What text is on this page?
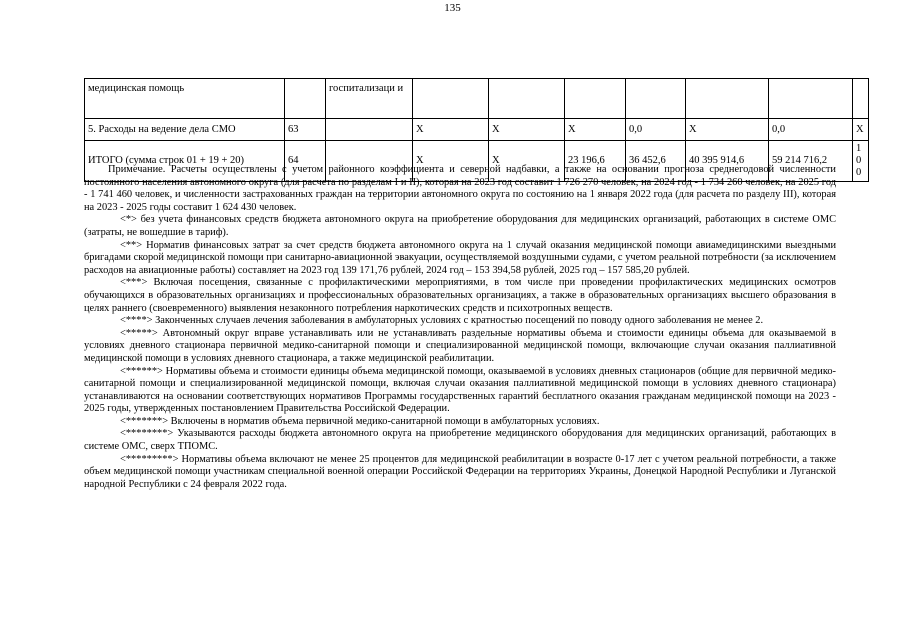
135
медицинская помощь		госпитализаци и							
5. Расходы на ведение дела СМО	63		X	X	X	0,0	X	0,0	X
ИТОГО (сумма строк 01 + 19 + 20)	64		X	X	23 196,6	36 452,6	40 395 914,6	59 214 716,2	100

Примечание. Расчеты осуществлены с учетом районного коэффициента и северной надбавки, а также на основании прогноза среднегодовой численности постоянного населения автономного округа (для расчета по разделам I и II), которая на 2023 год составит 1 726 270 человек, на 2024 год - 1 734 260 человек, на 2025 год - 1 741 460 человек, и численности застрахованных граждан на территории автономного округа по состоянию на 1 января 2022 года (для расчета по разделу III), которая на 2023 - 2025 годы составит 1 624 430 человек.

<*> без учета финансовых средств бюджета автономного округа на приобретение оборудования для медицинских организаций, работающих в системе ОМС (затраты, не вошедшие в тариф).

<**> Норматив финансовых затрат за счет средств бюджета автономного округа на 1 случай оказания медицинской помощи авиамедицинскими выездными бригадами скорой медицинской помощи при санитарно-авиационной эвакуации, осуществляемой воздушными судами, с учетом реальной потребности (за исключением расходов на авиационные работы) составляет на 2023 год 139 171,76 рублей, 2024 год – 153 394,58 рублей, 2025 год – 157 585,20 рублей.

<***> Включая посещения, связанные с профилактическими мероприятиями, в том числе при проведении профилактических медицинских осмотров обучающихся в образовательных организациях и профессиональных образовательных организациях, а также в образовательных организациях высшего образования в целях раннего (своевременного) выявления незаконного потребления наркотических средств и психотропных веществ.

<****> Законченных случаев лечения заболевания в амбулаторных условиях с кратностью посещений по поводу одного заболевания не менее 2.

<*****> Автономный округ вправе устанавливать или не устанавливать раздельные нормативы объема и стоимости единицы объема для оказываемой в условиях дневного стационара первичной медико-санитарной помощи и специализированной медицинской помощи, включающие случаи оказания паллиативной медицинской помощи в условиях дневного стационара, а также медицинской реабилитации.

<******> Нормативы объема и стоимости единицы объема медицинской помощи, оказываемой в условиях дневных стационаров (общие для первичной медико-санитарной помощи и специализированной медицинской помощи, включая случаи оказания паллиативной медицинской помощи в условиях дневного стационара) устанавливаются на основании соответствующих нормативов Программы государственных гарантий бесплатного оказания гражданам медицинской помощи на 2023 - 2025 годы, утвержденных постановлением Правительства Российской Федерации.

<*******> Включены в норматив объема первичной медико-санитарной помощи в амбулаторных условиях.

<********> Указываются расходы бюджета автономного округа на приобретение медицинского оборудования для медицинских организаций, работающих в системе ОМС, сверх ТПОМС.

<*********> Нормативы объема включают не менее 25 процентов для медицинской реабилитации в возрасте 0-17 лет с учетом реальной потребности, а также объем медицинской помощи участникам специальной военной операции Российской Федерации на территориях Украины, Донецкой Народной Республики и Луганской народной Республики с 24 февраля 2022 года.
